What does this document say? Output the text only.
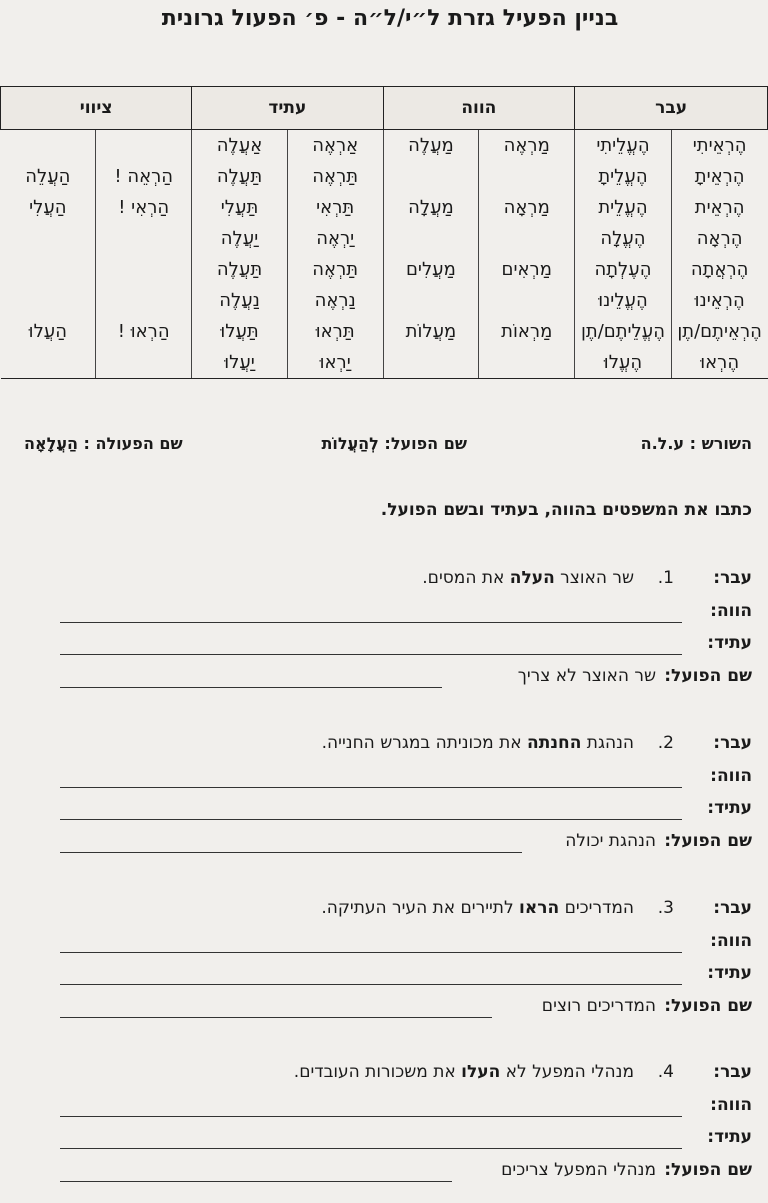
בניין הפעיל גזרת ל״י/ל״ה - פ׳ הפעול גרונית
עבר		הווה		עתיד		ציווי	
הֶרְאֵיתִי	הֶעֱלֵיתִי	מַרְאֶה	מַעֲלֶה	אַרְאֶה	אַעֲלֶה		
הֶרְאֵיתָ	הֶעֱלֵיתָ			תַּרְאֶה	תַּעֲלֶה	הַרְאֵה !	הַעֲלֵה
הֶרְאֵית	הֶעֱלֵית	מַרְאָה	מַעֲלָה	תַּרְאִי	תַּעֲלִי	הַרְאִי !	הַעֲלִי
הֶרְאָה	הֶעֱלָה			יַרְאֶה	יַעֲלֶה		
הֶרְאֲתָה	הֶעֶלְתָה	מַרְאִים	מַעֲלִים	תַּרְאֶה	תַּעֲלֶה		
הֶרְאֵינוּ	הֶעֱלֵינוּ			נַרְאֶה	נַעֲלֶה		
הֶרְאֵיתֶם/תֶן	הֶעֱלֵיתֶם/תֶן	מַרְאוֹת	מַעֲלוֹת	תַּרְאוּ	תַּעֲלוּ	הַרְאוּ !	הַעֲלוּ
הֶרְאוּ	הֶעֱלוּ			יַרְאוּ	יַעֲלוּ		
השורש : ע.ל.ה
שם הפועל: לְהַעֲלוֹת
שם הפעולה : הַעֲלָאָה
כתבו את המשפטים בהווה, בעתיד ובשם הפועל.
עבר:
1.
שר האוצר העלה את המסים.
הווה:
עתיד:
שם הפועל:
שר האוצר לא צריך
עבר:
2.
הנהגת החנתה את מכוניתה במגרש החנייה.
הווה:
עתיד:
שם הפועל:
הנהגת יכולה
עבר:
3.
המדריכים הראו לתיירים את העיר העתיקה.
הווה:
עתיד:
שם הפועל:
המדריכים רוצים
עבר:
4.
מנהלי המפעל לא העלו את משכורות העובדים.
הווה:
עתיד:
שם הפועל:
מנהלי המפעל צריכים
